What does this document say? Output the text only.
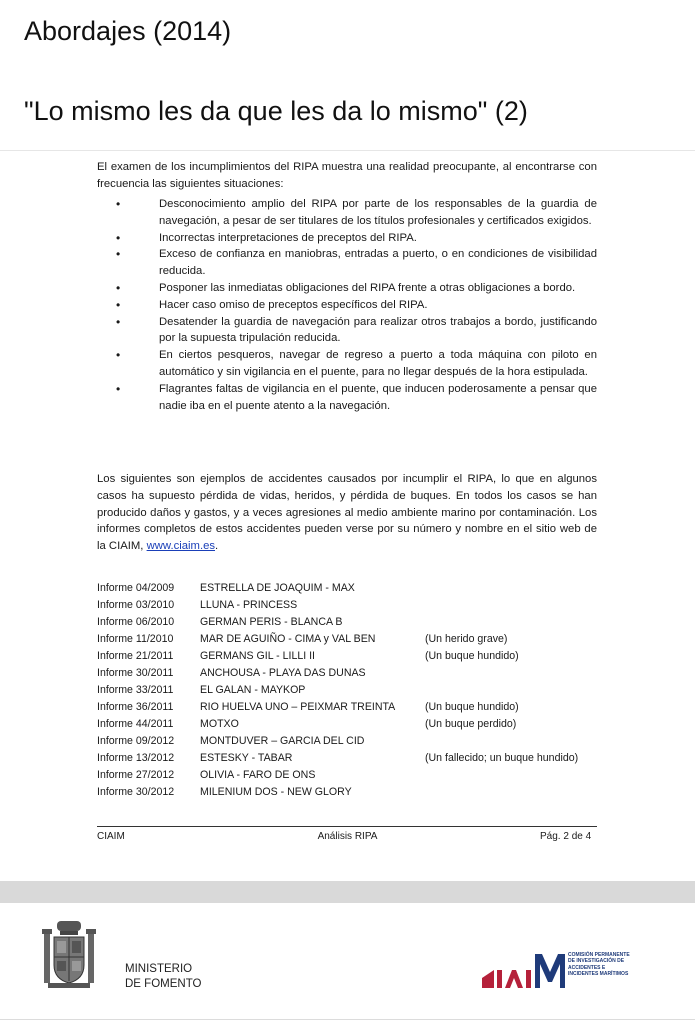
Abordajes (2014)
"Lo mismo les da que les da lo mismo" (2)
El examen de los incumplimientos del RIPA muestra una realidad preocupante, al encontrarse con frecuencia las siguientes situaciones:
•	Desconocimiento amplio del RIPA por parte de los responsables de la guardia de navegación, a pesar de ser titulares de los títulos profesionales y certificados exigidos.
•	Incorrectas interpretaciones de preceptos del RIPA.
•	Exceso de confianza en maniobras, entradas a puerto, o en condiciones de visibilidad reducida.
•	Posponer las inmediatas obligaciones del RIPA frente a otras obligaciones a bordo.
•	Hacer caso omiso de preceptos específicos del RIPA.
•	Desatender la guardia de navegación para realizar otros trabajos a bordo, justificando por la supuesta tripulación reducida.
•	En ciertos pesqueros, navegar de regreso a puerto a toda máquina con piloto en automático y sin vigilancia en el puente, para no llegar después de la hora estipulada.
•	Flagrantes faltas de vigilancia en el puente, que inducen poderosamente a pensar que nadie iba en el puente atento a la navegación.
Los siguientes son ejemplos de accidentes causados por incumplir el RIPA, lo que en algunos casos ha supuesto pérdida de vidas, heridos, y pérdida de buques. En todos los casos se han producido daños y gastos, y a veces agresiones al medio ambiente marino por contaminación. Los informes completos de estos accidentes pueden verse por su número y nombre en el sitio web de la CIAIM, www.ciaim.es.
Informe 04/2009 ESTRELLA DE JOAQUIM - MAX
Informe 03/2010 LLUNA - PRINCESS
Informe 06/2010 GERMAN PERIS - BLANCA B
Informe 11/2010	MAR DE AGUIÑO - CIMA y VAL BEN	(Un herido grave)
Informe 21/2011	GERMANS GIL - LILLI II	(Un buque hundido)
Informe 30/2011	ANCHOUSA - PLAYA DAS DUNAS
Informe 33/2011	EL GALAN - MAYKOP
Informe 36/2011	RIO HUELVA UNO – PEIXMAR TREINTA	(Un buque hundido)
Informe 44/2011	MOTXO	(Un buque perdido)
Informe 09/2012 MONTDUVER – GARCIA DEL CID
Informe 13/2012 ESTESKY - TABAR	(Un fallecido; un buque hundido)
Informe 27/2012 OLIVIA - FARO DE ONS
Informe 30/2012 MILENIUM DOS - NEW GLORY
CIAIM	Análisis RIPA	Pág. 2 de 4
MINISTERIO
DE FOMENTO
COMISIÓN PERMANENTE DE INVESTIGACIÓN DE ACCIDENTES E INCIDENTES MARÍTIMOS
